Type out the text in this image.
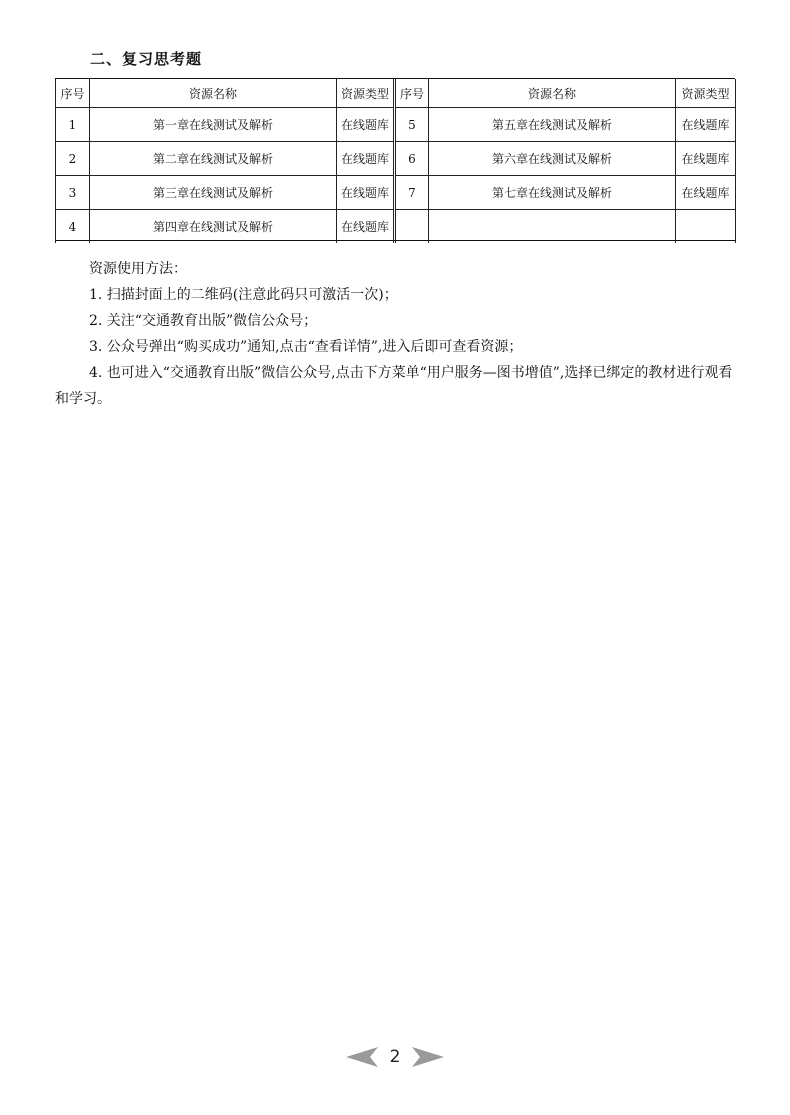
二、复习思考题
序号	资源名称	资源类型	序号	资源名称	资源类型
1	第一章在线测试及解析	在线题库	5	第五章在线测试及解析	在线题库
2	第二章在线测试及解析	在线题库	6	第六章在线测试及解析	在线题库
3	第三章在线测试及解析	在线题库	7	第七章在线测试及解析	在线题库
4	第四章在线测试及解析	在线题库			

资源使用方法：

1. 扫描封面上的二维码(注意此码只可激活一次)；

2. 关注“交通教育出版”微信公众号；

3. 公众号弹出“购买成功”通知,点击“查看详情”,进入后即可查看资源；

4. 也可进入“交通教育出版”微信公众号,点击下方菜单“用户服务—图书增值”,选择已绑定的教材进行观看和学习。

2
